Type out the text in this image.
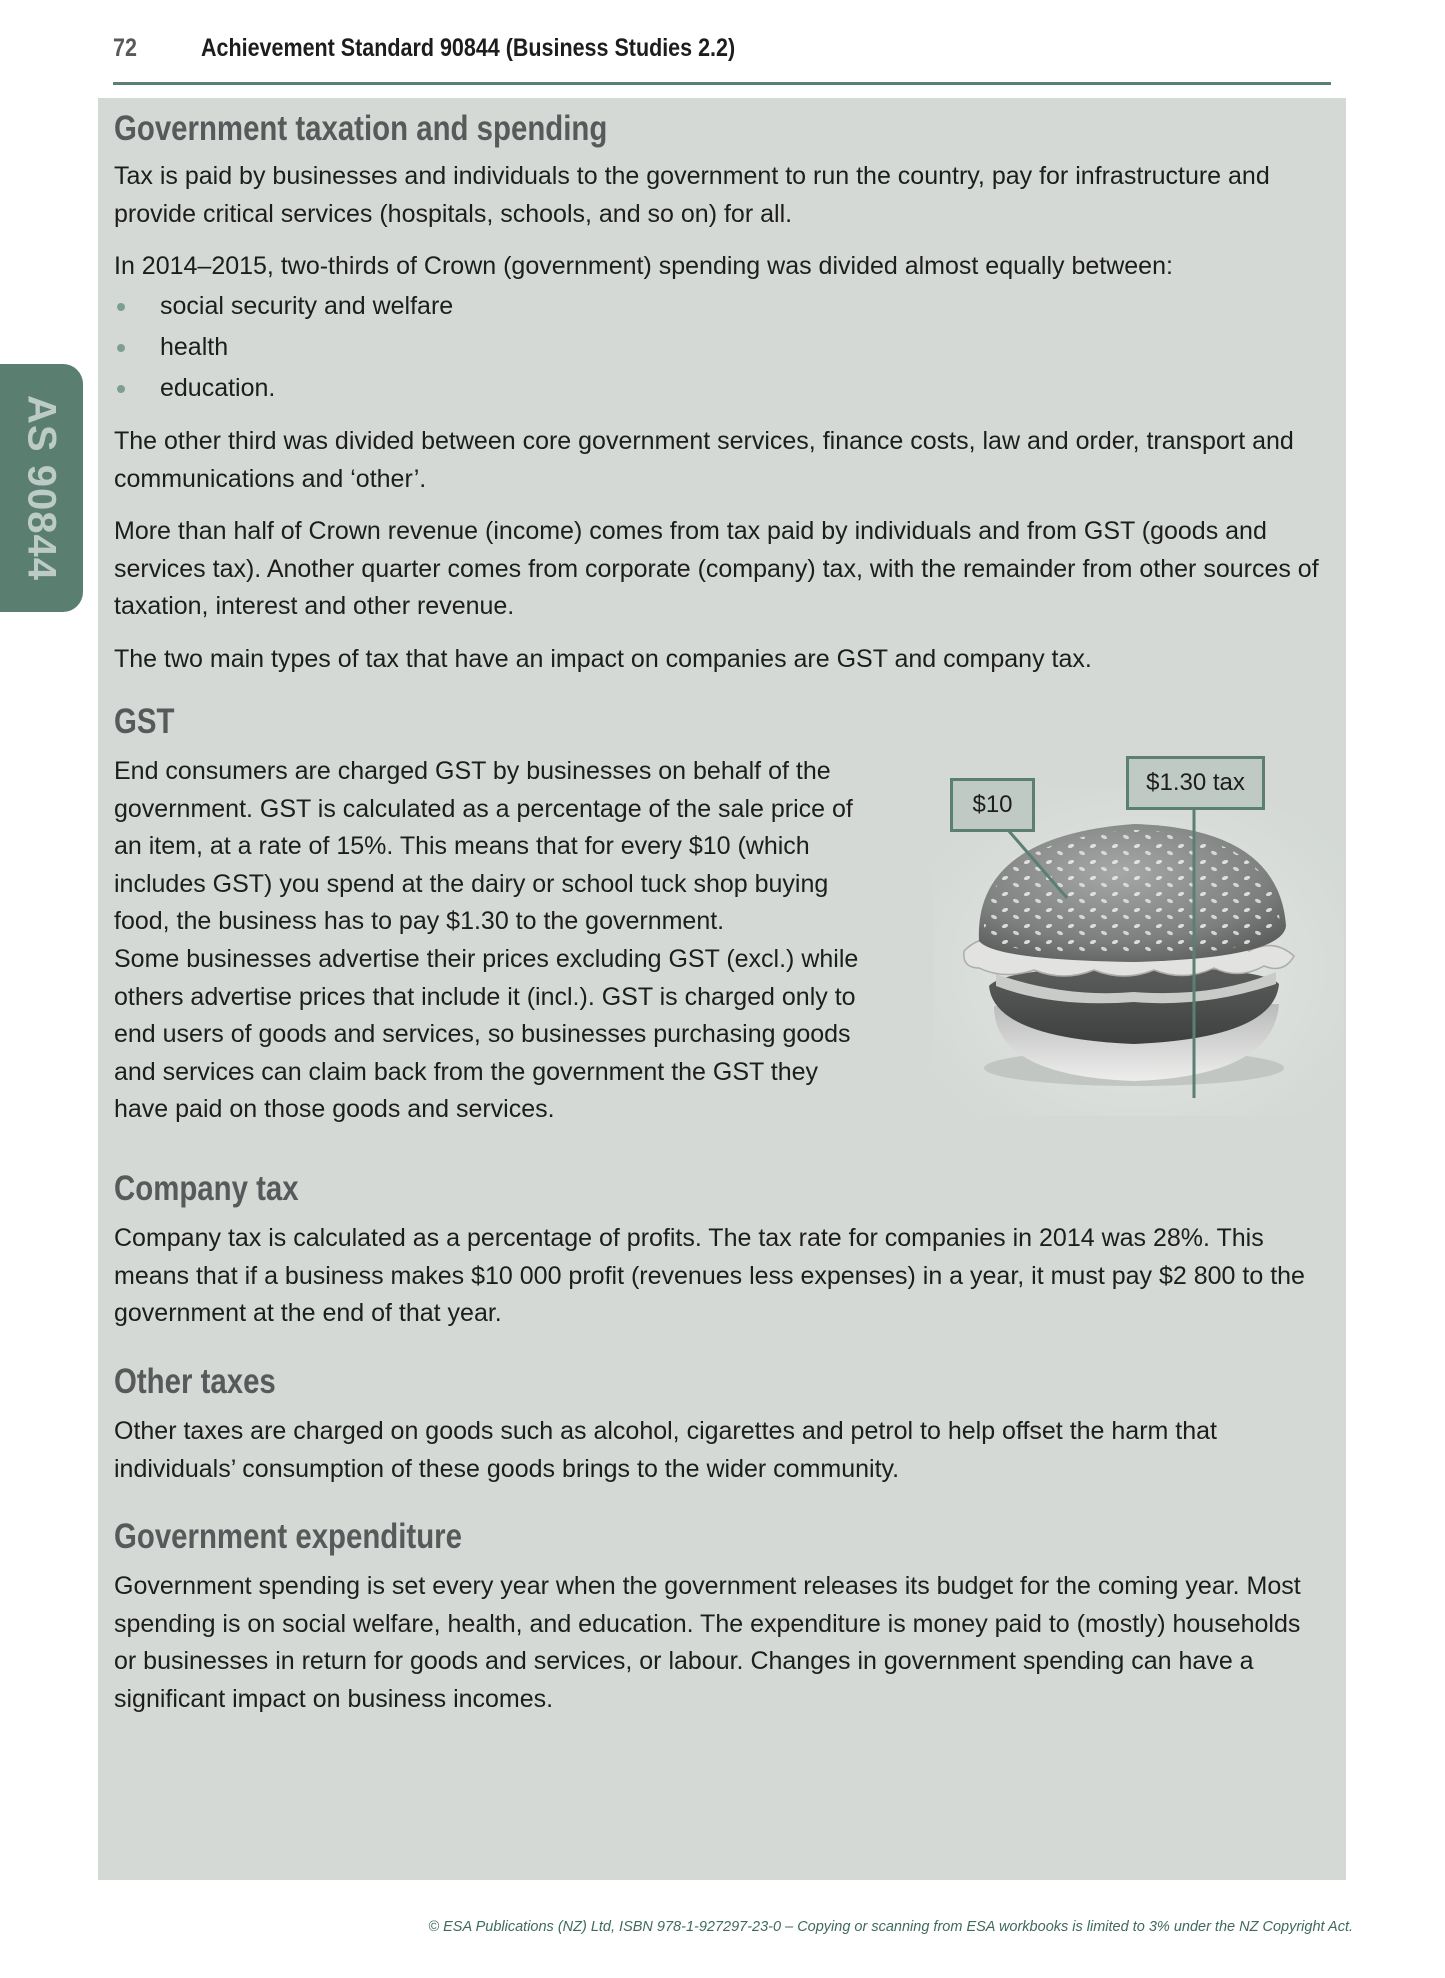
72	Achievement Standard 90844 (Business Studies 2.2)
AS 90844
Government taxation and spending

Tax is paid by businesses and individuals to the government to run the country, pay for infrastructure and provide critical services (hospitals, schools, and so on) for all.

In 2014–2015, two-thirds of Crown (government) spending was divided almost equally between:

social security and welfare
health
education.

The other third was divided between core government services, finance costs, law and order, transport and communications and ‘other’.

More than half of Crown revenue (income) comes from tax paid by individuals and from GST (goods and services tax). Another quarter comes from corporate (company) tax, with the remainder from other sources of taxation, interest and other revenue.

The two main types of tax that have an impact on companies are GST and company tax.

GST

End consumers are charged GST by businesses on behalf of the government. GST is calculated as a percentage of the sale price of an item, at a rate of 15%. This means that for every $10 (which includes GST) you spend at the dairy or school tuck shop buying food, the business has to pay $1.30 to the government.

Some businesses advertise their prices excluding GST (excl.) while others advertise prices that include it (incl.). GST is charged only to end users of goods and services, so businesses purchasing goods and services can claim back from the government the GST they have paid on those goods and services.

$10
$1.30 tax
Company tax

Company tax is calculated as a percentage of profits. The tax rate for companies in 2014 was 28%. This means that if a business makes $10 000 profit (revenues less expenses) in a year, it must pay $2 800 to the government at the end of that year.

Other taxes

Other taxes are charged on goods such as alcohol, cigarettes and petrol to help offset the harm that individuals’ consumption of these goods brings to the wider community.

Government expenditure

Government spending is set every year when the government releases its budget for the coming year. Most spending is on social welfare, health, and education. The expenditure is money paid to (mostly) households or businesses in return for goods and services, or labour. Changes in government spending can have a significant impact on business incomes.

© ESA Publications (NZ) Ltd, ISBN 978-1-927297-23-0 – Copying or scanning from ESA workbooks is limited to 3% under the NZ Copyright Act.
